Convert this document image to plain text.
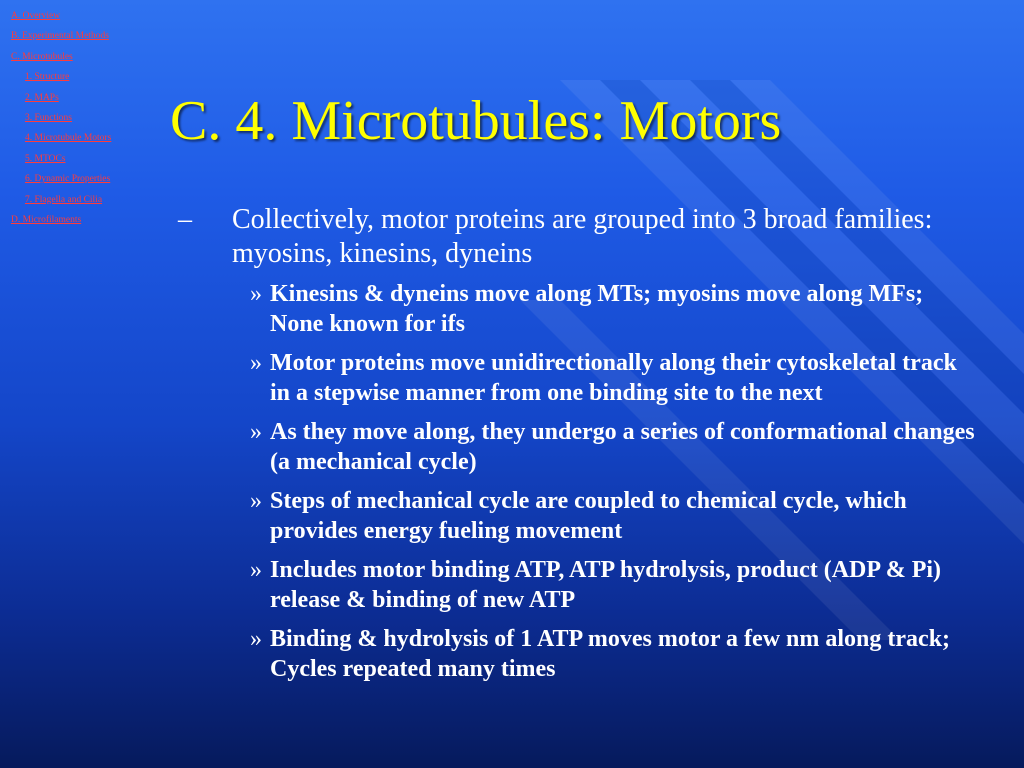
A. Overview
B. Experimental Methods
C. Microtubules
1. Structure
2. MAPs
3. Functions
4. Microtubule Motors
5. MTOCs
6. Dynamic Properties
7. Flagella and Cilia
D. Microfilaments
C. 4. Microtubules: Motors
–	Collectively, motor proteins are grouped into 3 broad families: myosins, kinesins, dyneins
» Kinesins & dyneins move along MTs; myosins move along MFs; None known for ifs
» Motor proteins move unidirectionally along their cytoskeletal track in a stepwise manner from one binding site to the next
» As they move along, they undergo a series of conformational changes (a mechanical cycle)
» Steps of mechanical cycle are coupled to chemical cycle, which provides energy fueling movement
» Includes motor binding ATP, ATP hydrolysis, product (ADP & Pi) release & binding of new ATP
» Binding & hydrolysis of 1 ATP moves motor a few nm along track; Cycles repeated many times
